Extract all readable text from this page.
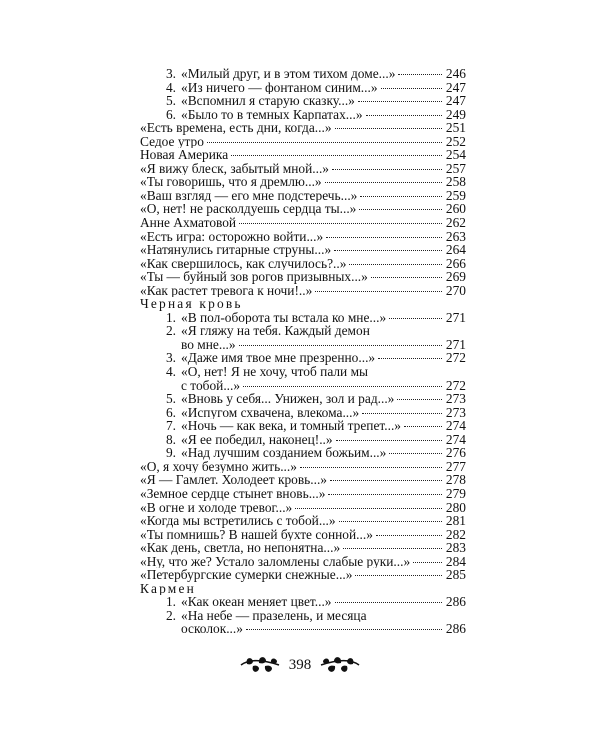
3. «Милый друг, и в этом тихом доме...»	246
4. «Из ничего — фонтаном синим...»	247
5. «Вспомнил я старую сказку...»	247
6. «Было то в темных Карпатах...»	249
«Есть времена, есть дни, когда...»	251
Седое утро	252
Новая Америка	254
«Я вижу блеск, забытый мной...»	257
«Ты говоришь, что я дремлю...»	258
«Ваш взгляд — его мне подстеречь...»	259
«О, нет! не расколдуешь сердца ты...»	260
Анне Ахматовой	262
«Есть игра: осторожно войти...»	263
«Натянулись гитарные струны...»	264
«Как свершилось, как случилось?..»	266
«Ты — буйный зов рогов призывных...»	269
«Как растет тревога к ночи!..»	270
Черная кровь
1. «В пол-оборота ты встала ко мне...»	271
2. «Я гляжу на тебя. Каждый демон
во мне...»	271
3. «Даже имя твое мне презренно...»	272
4. «О, нет! Я не хочу, чтоб пали мы
с тобой...»	272
5. «Вновь у себя... Унижен, зол и рад...»	273
6. «Испугом схвачена, влекома...»	273
7. «Ночь — как века, и томный трепет...»	274
8. «Я ее победил, наконец!..»	274
9. «Над лучшим созданием божьим...»	276
«О, я хочу безумно жить...»	277
«Я — Гамлет. Холодеет кровь...»	278
«Земное сердце стынет вновь...»	279
«В огне и холоде тревог...»	280
«Когда мы встретились с тобой...»	281
«Ты помнишь? В нашей бухте сонной...»	282
«Как день, светла, но непонятна...»	283
«Ну, что же? Устало заломлены слабые руки...»	284
«Петербургские сумерки снежные...»	285
Кармен
1. «Как океан меняет цвет...»	286
2. «На небе — празелень, и месяца
осколок...»	286
398
